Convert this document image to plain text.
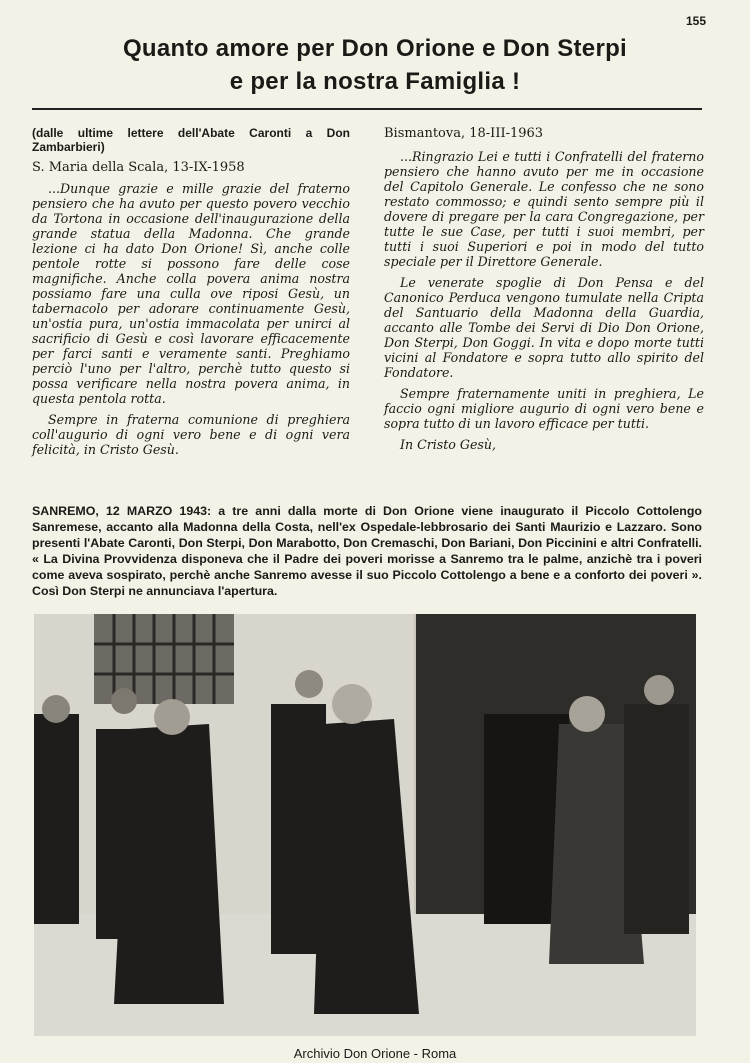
155
Quanto amore per Don Orione e Don Sterpi
e per la nostra Famiglia !

(dalle ultime lettere dell'Abate Caronti a Don Zambarbieri)

S. Maria della Scala, 13-IX-1958

...Dunque grazie e mille grazie del fraterno pensiero che ha avuto per questo povero vecchio da Tortona in occasione dell'inaugurazione della grande statua della Madonna. Che grande lezione ci ha dato Don Orione! Sì, anche colle pentole rotte si possono fare delle cose magnifiche. Anche colla povera anima nostra possiamo fare una culla ove riposi Gesù, un tabernacolo per adorare continuamente Gesù, un'ostia pura, un'ostia immacolata per unirci al sacrificio di Gesù e così lavorare efficacemente per farci santi e veramente santi. Preghiamo perciò l'uno per l'altro, perchè tutto questo si possa verificare nella nostra povera anima, in questa pentola rotta.

Sempre in fraterna comunione di preghiera coll'augurio di ogni vero bene e di ogni vera felicità, in Cristo Gesù.

Bismantova, 18-III-1963

...Ringrazio Lei e tutti i Confratelli del fraterno pensiero che hanno avuto per me in occasione del Capitolo Generale. Le confesso che ne sono restato commosso; e quindi sento sempre più il dovere di pregare per la cara Congregazione, per tutte le sue Case, per tutti i suoi membri, per tutti i suoi Superiori e poi in modo del tutto speciale per il Direttore Generale.

Le venerate spoglie di Don Pensa e del Canonico Perduca vengono tumulate nella Cripta del Santuario della Madonna della Guardia, accanto alle Tombe dei Servi di Dio Don Orione, Don Sterpi, Don Goggi. In vita e dopo morte tutti vicini al Fondatore e sopra tutto allo spirito del Fondatore.

Sempre fraternamente uniti in preghiera, Le faccio ogni migliore augurio di ogni vero bene e sopra tutto di un lavoro efficace per tutti.

In Cristo Gesù,

SANREMO, 12 MARZO 1943: a tre anni dalla morte di Don Orione viene inaugurato il Piccolo Cottolengo Sanremese, accanto alla Madonna della Costa, nell'ex Ospedale-lebbrosario dei Santi Maurizio e Lazzaro. Sono presenti l'Abate Caronti, Don Sterpi, Don Marabotto, Don Cremaschi, Don Bariani, Don Piccinini e altri Confratelli. « La Divina Provvidenza disponeva che il Padre dei poveri morisse a Sanremo tra le palme, anzichè tra i poveri come aveva sospirato, perchè anche Sanremo avesse il suo Piccolo Cottolengo a bene e a conforto dei poveri ». Così Don Sterpi ne annunciava l'apertura.
Archivio Don Orione - Roma
